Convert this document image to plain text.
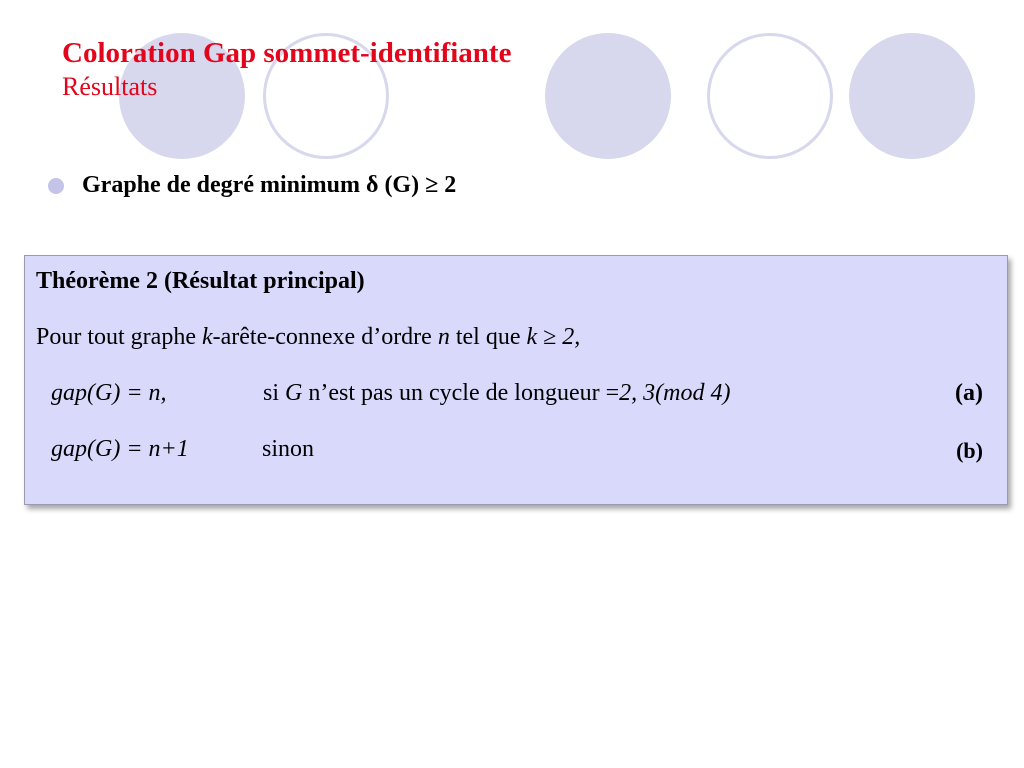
Coloration Gap sommet-identifiante
Résultats
Graphe de degré minimum δ (G) ≥ 2
Théorème 2 (Résultat principal)
Pour tout graphe k-arête-connexe d’ordre n tel que k ≥ 2,
gap(G) = n,	si G n’est pas un cycle de longueur =2, 3(mod 4)	(a)
gap(G) = n+1	sinon	(b)
